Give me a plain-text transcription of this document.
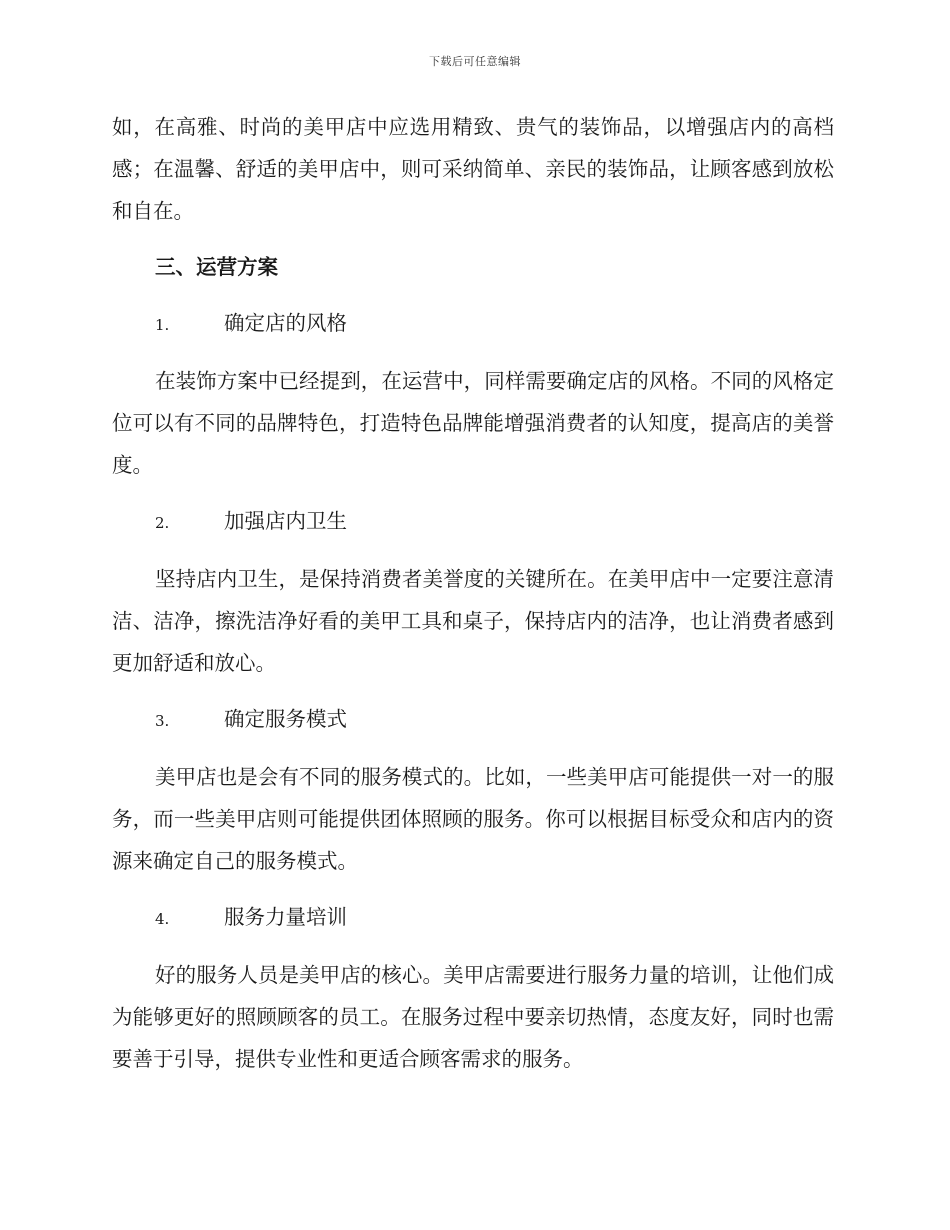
下载后可任意编辑

如，在高雅、时尚的美甲店中应选用精致、贵气的装饰品，以增强店内的高档感；在温馨、舒适的美甲店中，则可采纳简单、亲民的装饰品，让顾客感到放松和自在。

三、运营方案

1.	确定店的风格

在装饰方案中已经提到，在运营中，同样需要确定店的风格。不同的风格定位可以有不同的品牌特色，打造特色品牌能增强消费者的认知度，提高店的美誉度。

2.	加强店内卫生

坚持店内卫生，是保持消费者美誉度的关键所在。在美甲店中一定要注意清洁、洁净，擦洗洁净好看的美甲工具和桌子，保持店内的洁净，也让消费者感到更加舒适和放心。

3.	确定服务模式

美甲店也是会有不同的服务模式的。比如，一些美甲店可能提供一对一的服务，而一些美甲店则可能提供团体照顾的服务。你可以根据目标受众和店内的资源来确定自己的服务模式。

4.	服务力量培训

好的服务人员是美甲店的核心。美甲店需要进行服务力量的培训，让他们成为能够更好的照顾顾客的员工。在服务过程中要亲切热情，态度友好，同时也需要善于引导，提供专业性和更适合顾客需求的服务。
